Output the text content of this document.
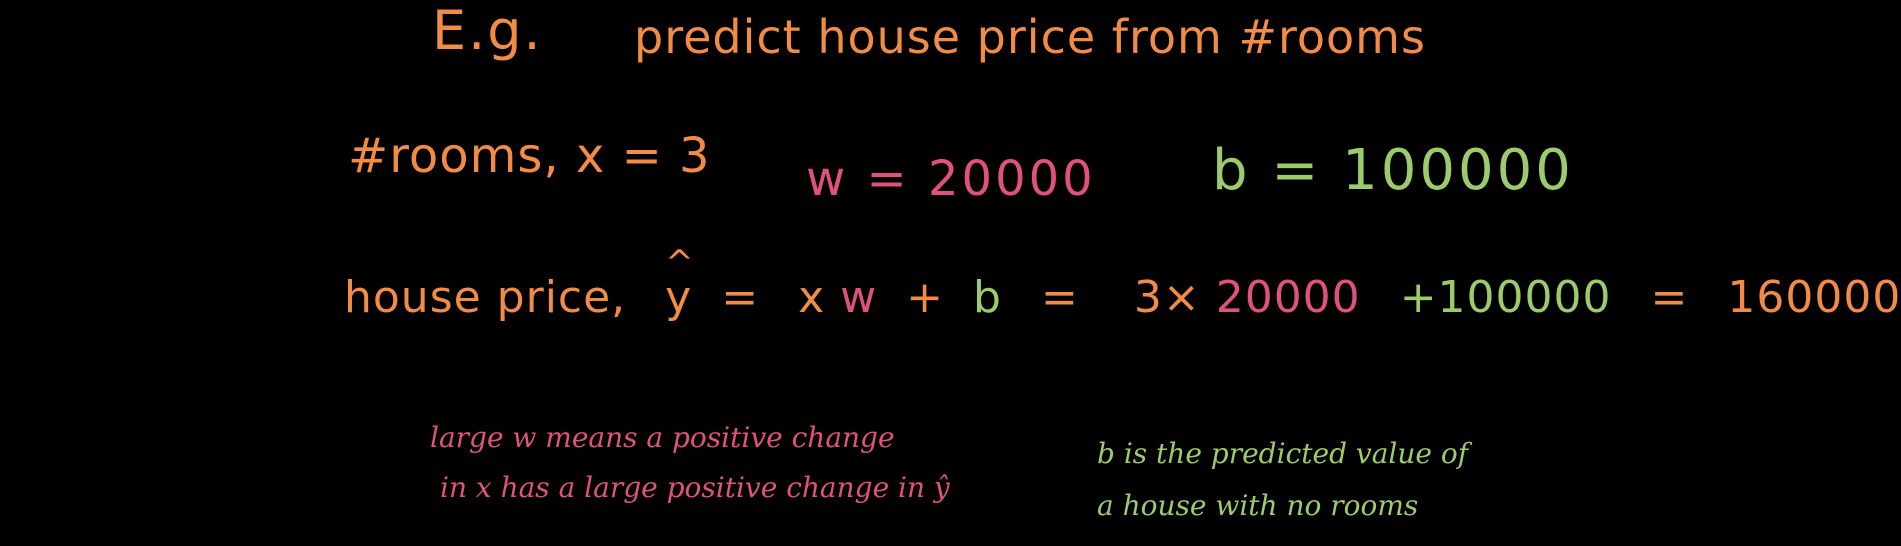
E.g. predict house price from #rooms
#rooms, x = 3 w = 20000 b = 100000
house price, ^ y = x w + b = 3× 20000 +100000 = 160000
large w means a positive change
in x has a large positive change in ŷ
b is the predicted value of
a house with no rooms
